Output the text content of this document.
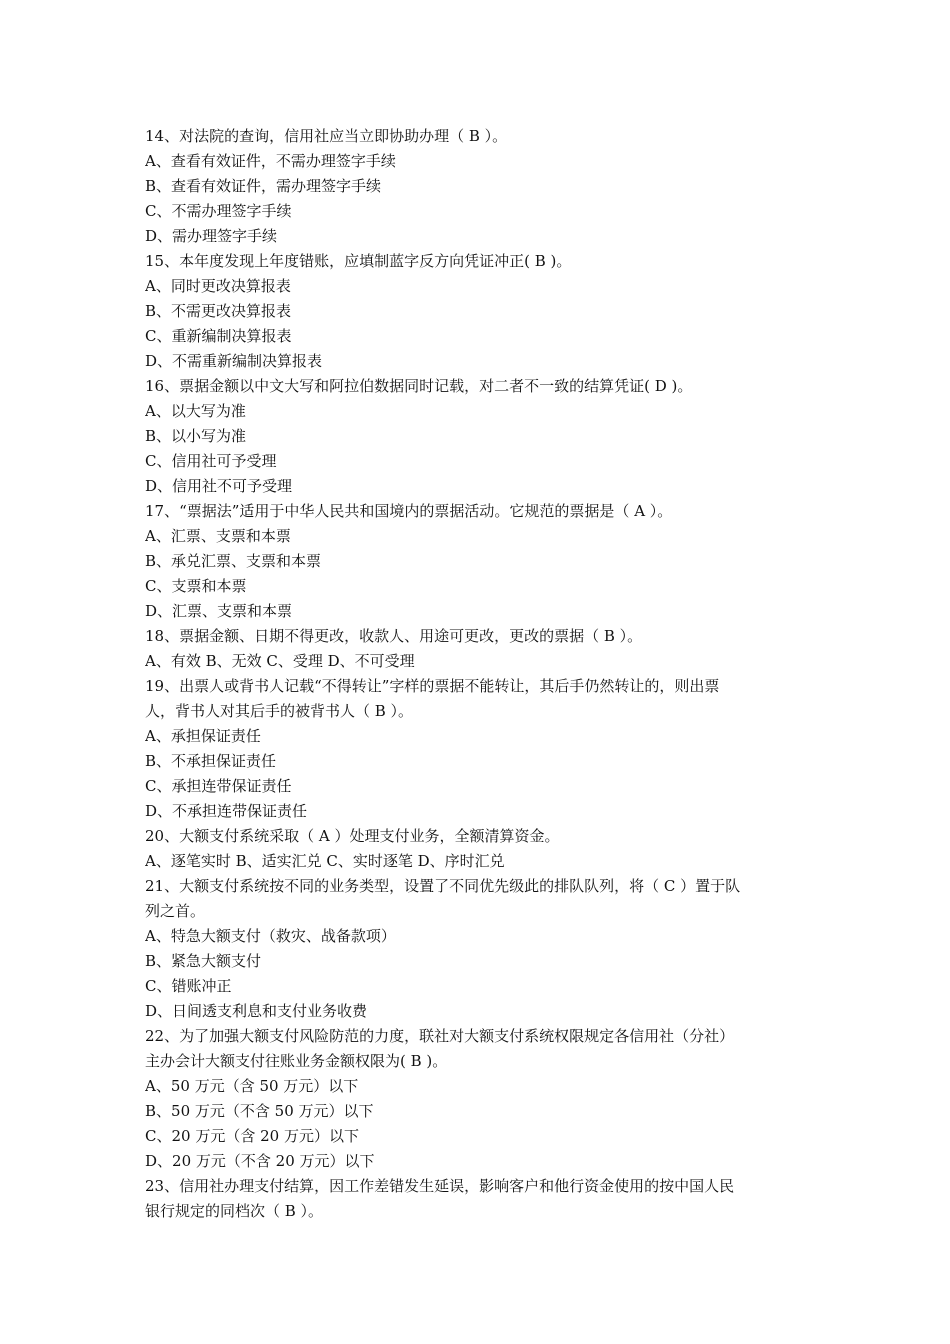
14、对法院的查询，信用社应当立即协助办理（ B ）。
A、查看有效证件，不需办理签字手续
B、查看有效证件，需办理签字手续
C、不需办理签字手续
D、需办理签字手续
15、本年度发现上年度错账，应填制蓝字反方向凭证冲正( B )。
A、同时更改决算报表
B、不需更改决算报表
C、重新编制决算报表
D、不需重新编制决算报表
16、票据金额以中文大写和阿拉伯数据同时记载，对二者不一致的结算凭证( D )。
A、以大写为准
B、以小写为准
C、信用社可予受理
D、信用社不可予受理
17、“票据法”适用于中华人民共和国境内的票据活动。它规范的票据是（ A ）。
A、汇票、支票和本票
B、承兑汇票、支票和本票
C、支票和本票
D、汇票、支票和本票
18、票据金额、日期不得更改，收款人、用途可更改，更改的票据（ B ）。
A、有效 B、无效 C、受理 D、不可受理
19、出票人或背书人记载“不得转让”字样的票据不能转让，其后手仍然转让的，则出票
人，背书人对其后手的被背书人（ B ）。
A、承担保证责任
B、不承担保证责任
C、承担连带保证责任
D、不承担连带保证责任
20、大额支付系统采取（ A ）处理支付业务，全额清算资金。
A、逐笔实时 B、适实汇兑 C、实时逐笔 D、序时汇兑
21、大额支付系统按不同的业务类型，设置了不同优先级此的排队队列，将（ C ）置于队
列之首。
A、特急大额支付（救灾、战备款项）
B、紧急大额支付
C、错账冲正
D、日间透支利息和支付业务收费
22、为了加强大额支付风险防范的力度，联社对大额支付系统权限规定各信用社（分社）
主办会计大额支付往账业务金额权限为( B )。
A、50 万元（含 50 万元）以下
B、50 万元（不含 50 万元）以下
C、20 万元（含 20 万元）以下
D、20 万元（不含 20 万元）以下
23、信用社办理支付结算，因工作差错发生延误，影响客户和他行资金使用的按中国人民
银行规定的同档次（ B ）。
